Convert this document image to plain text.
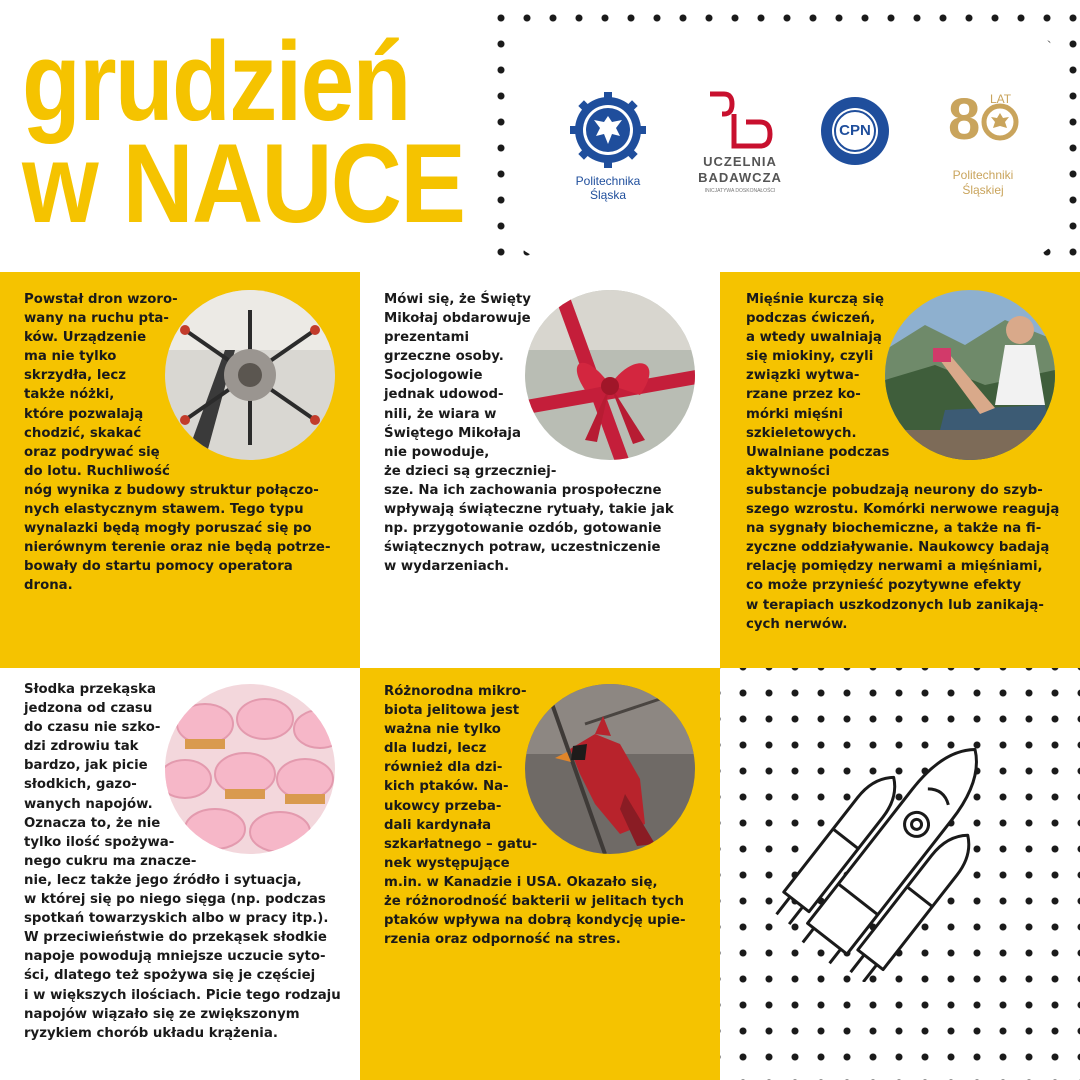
grudzień
w NAUCE	Politechnika
Śląska
UCZELNIA
BADAWCZA
INICJATYWA DOSKONAŁOŚCI
CPN	8 LAT
Politechniki
Śląskiej
Powstał dron wzoro-
wany na ruchu pta-
ków. Urządzenie
ma nie tylko
skrzydła, lecz
także nóżki,
które pozwalają
chodzić, skakać
oraz podrywać się
do lotu. Ruchliwość
nóg wynika z budowy struktur połączo-
nych elastycznym stawem. Tego typu
wynalazki będą mogły poruszać się po
nierównym terenie oraz nie będą potrze-
bowały do startu pomocy operatora
drona.
Mówi się, że Święty
Mikołaj obdarowuje
prezentami
grzeczne osoby.
Socjologowie
jednak udowod-
nili, że wiara w
Świętego Mikołaja
nie powoduje,
że dzieci są grzeczniej-
sze. Na ich zachowania prospołeczne
wpływają świąteczne rytuały, takie jak
np. przygotowanie ozdób, gotowanie
świątecznych potraw, uczestniczenie
w wydarzeniach.
Mięśnie kurczą się
podczas ćwiczeń,
a wtedy uwalniają
się miokiny, czyli
związki wytwa-
rzane przez ko-
mórki mięśni
szkieletowych.
Uwalniane podczas
aktywności
substancje pobudzają neurony do szyb-
szego wzrostu. Komórki nerwowe reagują
na sygnały biochemiczne, a także na fi-
zyczne oddziaływanie. Naukowcy badają
relację pomiędzy nerwami a mięśniami,
co może przynieść pozytywne efekty
w terapiach uszkodzonych lub zanikają-
cych nerwów.
Słodka przekąska
jedzona od czasu
do czasu nie szko-
dzi zdrowiu tak
bardzo, jak picie
słodkich, gazo-
wanych napojów.
Oznacza to, że nie
tylko ilość spożywa-
nego cukru ma znacze-
nie, lecz także jego źródło i sytuacja,
w której się po niego sięga (np. podczas
spotkań towarzyskich albo w pracy itp.).
W przeciwieństwie do przekąsek słodkie
napoje powodują mniejsze uczucie syto-
ści, dlatego też spożywa się je częściej
i w większych ilościach. Picie tego rodzaju
napojów wiązało się ze zwiększonym
ryzykiem chorób układu krążenia.
Różnorodna mikro-
biota jelitowa jest
ważna nie tylko
dla ludzi, lecz
również dla dzi-
kich ptaków. Na-
ukowcy przeba-
dali kardynała
szkarłatnego – gatu-
nek występujące
m.in. w Kanadzie i USA. Okazało się,
że różnorodność bakterii w jelitach tych
ptaków wpływa na dobrą kondycję upie-
rzenia oraz odporność na stres.
